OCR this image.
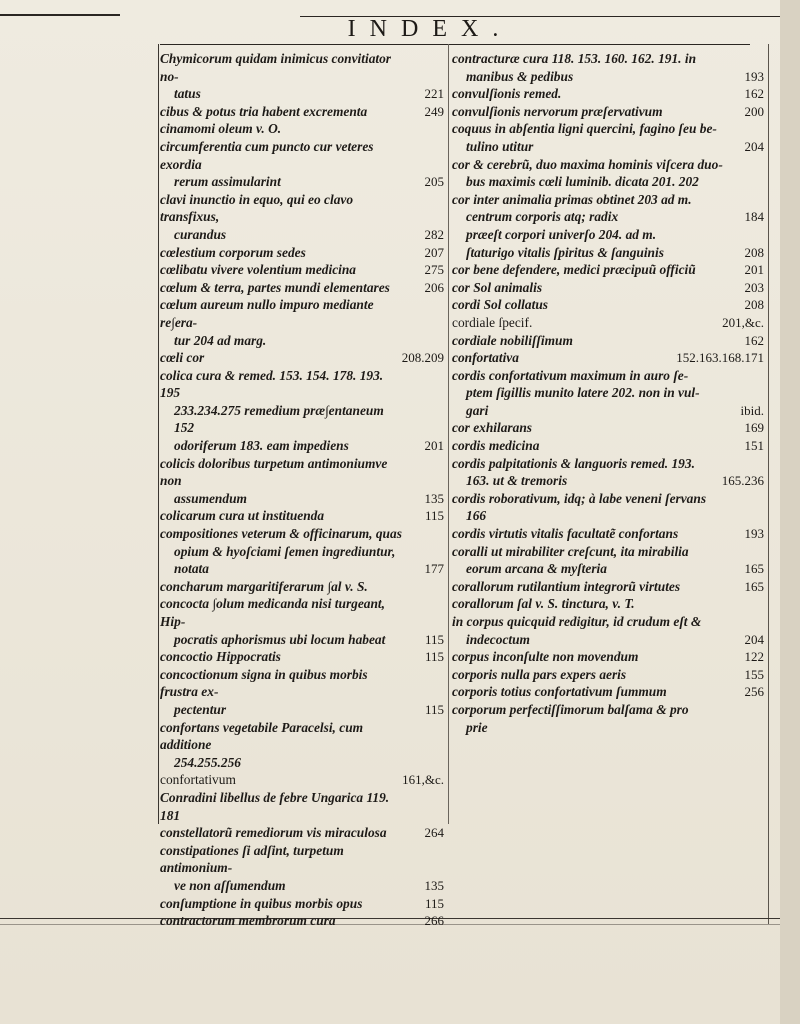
INDEX.
Chymicorum quidam inimicus convitiator no-
tatus	221
cibus & potus tria habent excrementa	249
cinamomi oleum v. O.
circumferentia cum puncto cur veteres exordia
rerum assimularint	205
clavi inunctio in equo, qui eo clavo transfixus,
curandus	282
cœlestium corporum sedes	207
cœlibatu vivere volentium medicina	275
cœlum & terra, partes mundi elementares	206
cœlum aureum nullo impuro mediante re∫era-
tur 204 ad marg.
cœli cor	208.209
colica cura & remed. 153. 154. 178. 193. 195
233.234.275 remedium præ∫entaneum 152
odoriferum 183. eam impediens	201
colicis doloribus turpetum antimoniumve non
assumendum	135
colicarum cura ut instituenda	115
compositiones veterum & officinarum, quas
opium & hyoſciami ſemen ingrediuntur,
notata	177
concharum margaritiferarum ∫al v. S.
concocta ∫olum medicanda nisi turgeant, Hip-
pocratis aphorismus ubi locum habeat	115
concoctio Hippocratis	115
concoctionum signa in quibus morbis frustra ex-
pectentur	115
confortans vegetabile Paracelsi, cum additione
254.255.256
confortativum	161,&c.
Conradini libellus de febre Ungarica 119. 181
constellatorũ remediorum vis miraculosa	264
constipationes ſi adſint, turpetum antimonium-
ve non aſſumendum	135
conſumptione in quibus morbis opus	115
contractorum membrorum cura	266
contracturæ cura 118. 153. 160. 162. 191. in
manibus & pedibus	193
convulſionis remed.	162
convulſionis nervorum præſervativum	200
coquus in abſentia ligni quercini, fagino ſeu be-
tulino utitur	204
cor & cerebrũ, duo maxima hominis viſcera duo-
bus maximis cœli luminib. dicata 201. 202
cor inter animalia primas obtinet 203 ad m.
centrum corporis atq; radix	184
præeſt corpori univerſo 204. ad m.
ſtaturigo vitalis ſpiritus & ſanguinis	208
cor bene defendere, medici præcipuũ officiũ	201
cor Sol animalis	203
cordi Sol collatus	208
cordiale ſpecif.	201,&c.
cordiale nobiliſſimum	162
confortativa	152.163.168.171
cordis confortativum maximum in auro ſe-
ptem ſigillis munito latere 202. non in vul-
gari	ibid.
cor exhilarans	169
cordis medicina	151
cordis palpitationis & languoris remed. 193.
163. ut & tremoris	165.236
cordis roborativum, idq; à labe veneni ſervans
166
cordis virtutis vitalis facultatẽ confortans	193
coralli ut mirabiliter creſcunt, ita mirabilia
eorum arcana & myſteria	165
corallorum rutilantium integrorũ virtutes	165
corallorum ſal v. S. tinctura, v. T.
in corpus quicquid redigitur, id crudum eſt &
indecoctum	204
corpus inconſulte non movendum	122
corporis nulla pars expers aeris	155
corporis totius confortativum ſummum	256
corporum perfectiſſimorum balſama & pro
prie
